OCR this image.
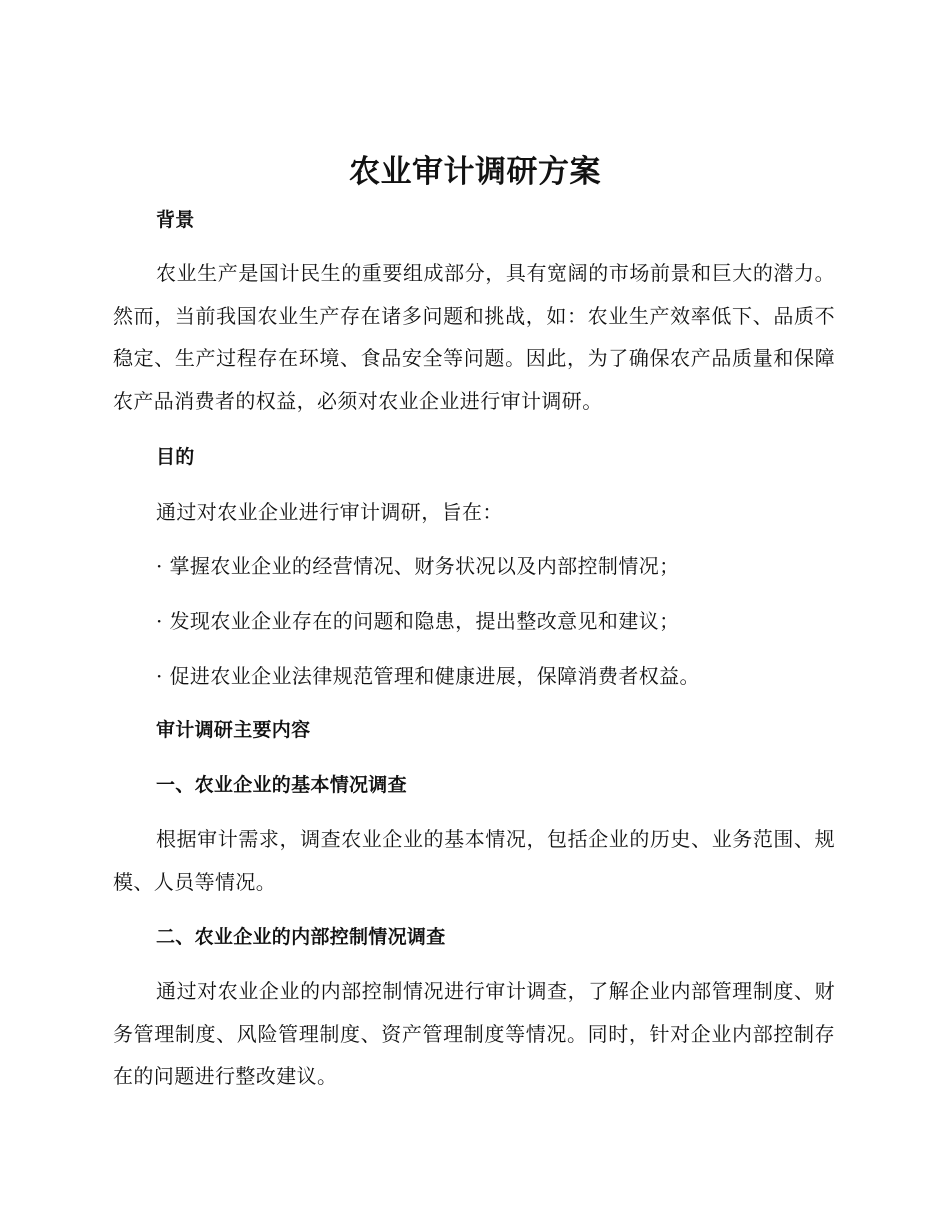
农业审计调研方案
背景

农业生产是国计民生的重要组成部分，具有宽阔的市场前景和巨大的潜力。然而，当前我国农业生产存在诸多问题和挑战，如：农业生产效率低下、品质不稳定、生产过程存在环境、食品安全等问题。因此，为了确保农产品质量和保障农产品消费者的权益，必须对农业企业进行审计调研。

目的
通过对农业企业进行审计调研，旨在：
· 掌握农业企业的经营情况、财务状况以及内部控制情况；
· 发现农业企业存在的问题和隐患，提出整改意见和建议；
· 促进农业企业法律规范管理和健康进展，保障消费者权益。
审计调研主要内容
一、农业企业的基本情况调查

根据审计需求，调查农业企业的基本情况，包括企业的历史、业务范围、规模、人员等情况。

二、农业企业的内部控制情况调查

通过对农业企业的内部控制情况进行审计调查，了解企业内部管理制度、财务管理制度、风险管理制度、资产管理制度等情况。同时，针对企业内部控制存在的问题进行整改建议。
